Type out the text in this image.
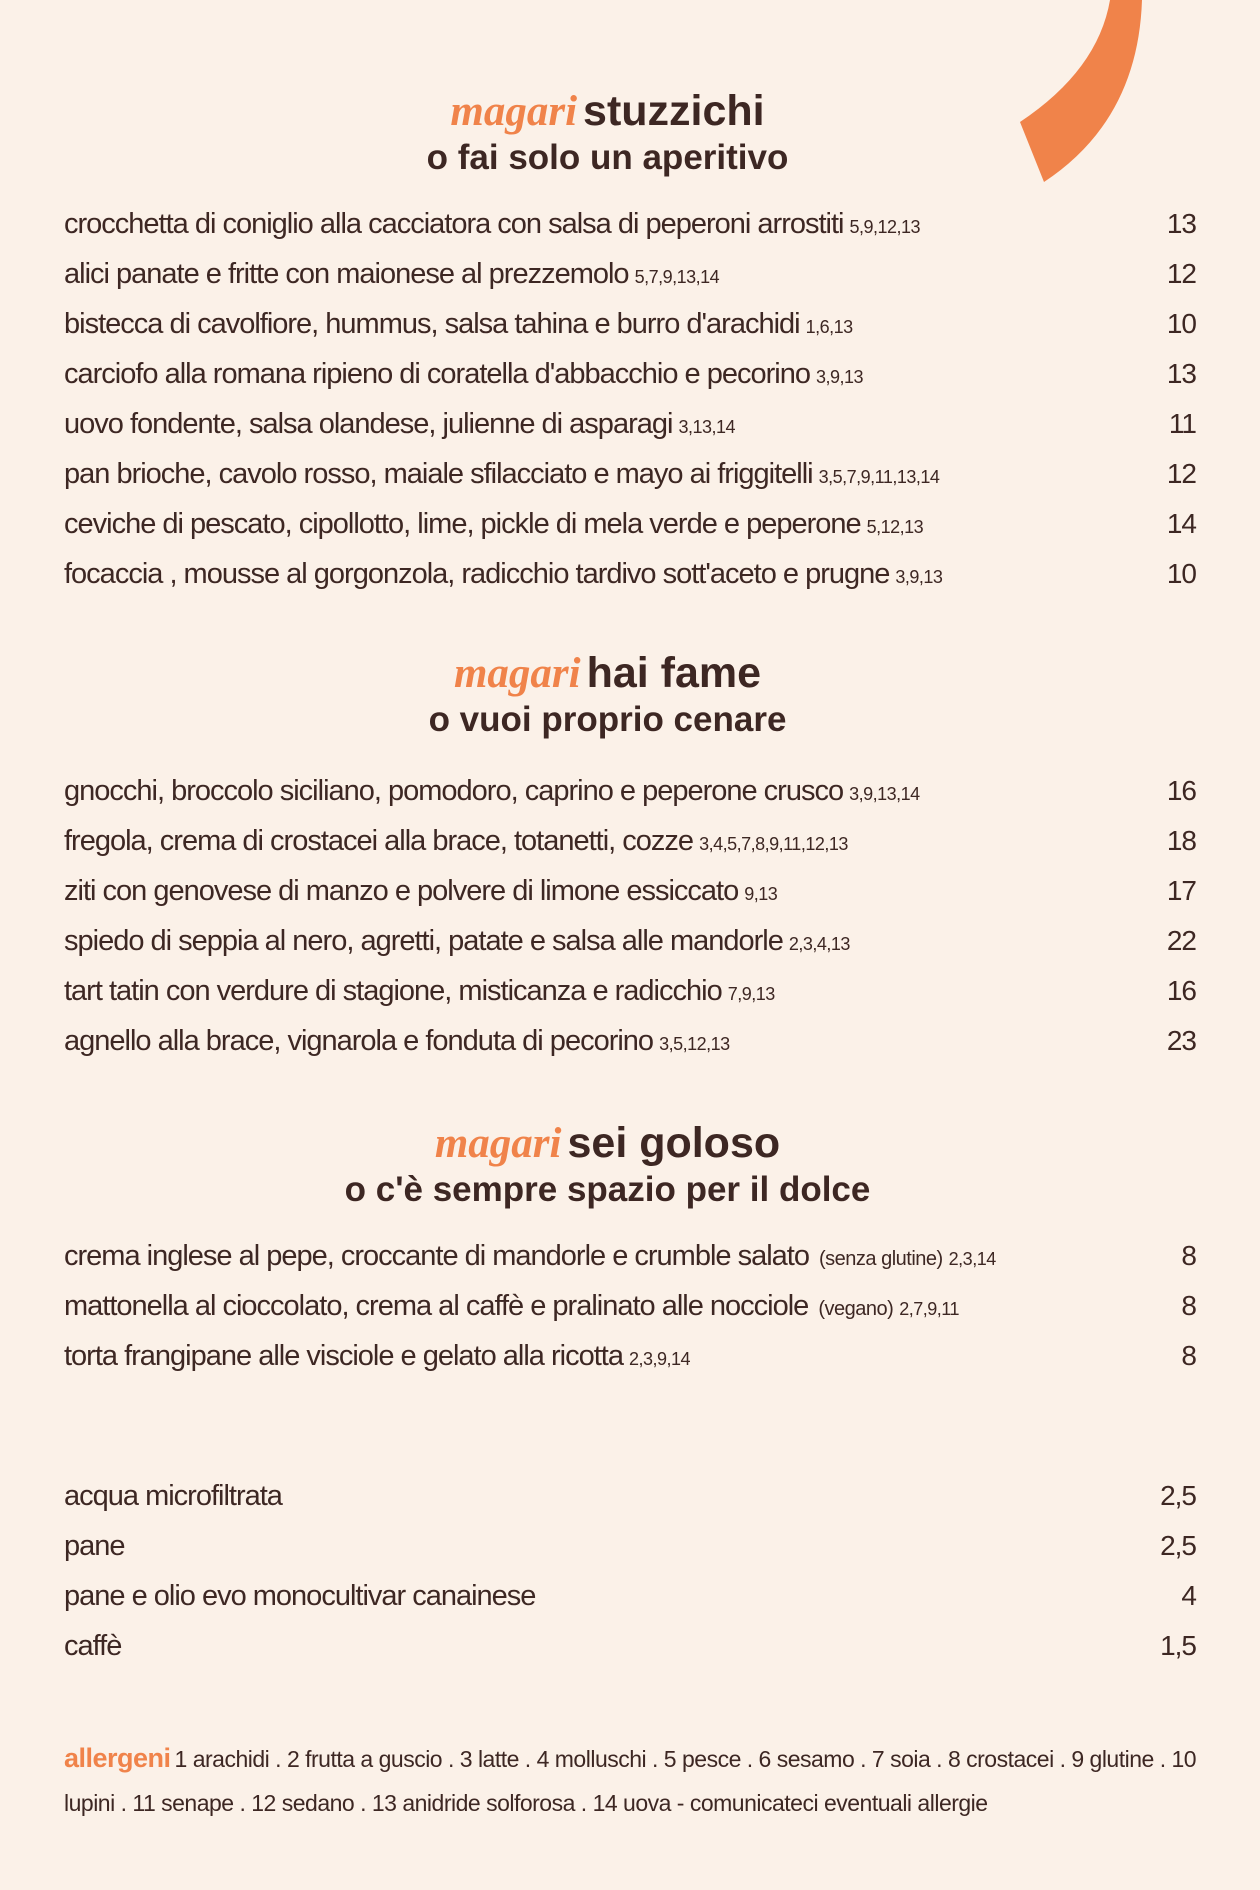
magari stuzzichi
o fai solo un aperitivo
crocchetta di coniglio alla cacciatora con salsa di peperoni arrostiti 5,9,12,13	13
alici panate e fritte con maionese al prezzemolo 5,7,9,13,14	12
bistecca di cavolfiore, hummus, salsa tahina e burro d'arachidi 1,6,13	10
carciofo alla romana ripieno di coratella d'abbacchio e pecorino 3,9,13	13
uovo fondente, salsa olandese, julienne di asparagi 3,13,14	11
pan brioche, cavolo rosso, maiale sfilacciato e mayo ai friggitelli 3,5,7,9,11,13,14	12
ceviche di pescato, cipollotto, lime, pickle di mela verde e peperone 5,12,13	14
focaccia , mousse al gorgonzola, radicchio tardivo sott'aceto e prugne 3,9,13	10
magari hai fame
o vuoi proprio cenare
gnocchi, broccolo siciliano, pomodoro, caprino e peperone crusco 3,9,13,14	16
fregola, crema di crostacei alla brace, totanetti, cozze 3,4,5,7,8,9,11,12,13	18
ziti con genovese di manzo e polvere di limone essiccato 9,13	17
spiedo di seppia al nero, agretti, patate e salsa alle mandorle 2,3,4,13	22
tart tatin con verdure di stagione, misticanza e radicchio 7,9,13	16
agnello alla brace, vignarola e fonduta di pecorino 3,5,12,13	23
magari sei goloso
o c'è sempre spazio per il dolce
crema inglese al pepe, croccante di mandorle e crumble salato (senza glutine) 2,3,14	8
mattonella al cioccolato, crema al caffè e pralinato alle nocciole (vegano) 2,7,9,11	8
torta frangipane alle visciole e gelato alla ricotta 2,3,9,14	8
acqua microfiltrata	2,5
pane	2,5
pane e olio evo monocultivar canainese	4
caffè	1,5
allergeni 1 arachidi . 2 frutta a guscio . 3 latte . 4 molluschi . 5 pesce . 6 sesamo . 7 soia . 8 crostacei . 9 glutine . 10 lupini . 11 senape . 12 sedano . 13 anidride solforosa . 14 uova - comunicateci eventuali allergie
